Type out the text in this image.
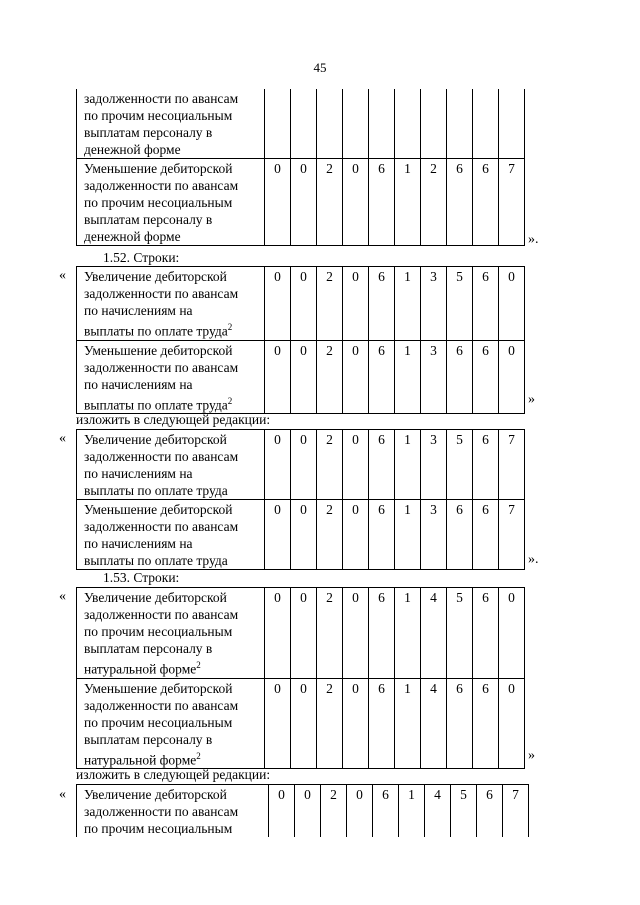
45
задолженности по авансам
по прочим несоциальным
выплатам персоналу в
денежной форме										

Уменьшение дебиторской
задолженности по авансам
по прочим несоциальным
выплатам персоналу в
денежной форме	0	0	2	0	6	1	2	6	6	7
».
1.52. Строки:
« Увеличение дебиторской
задолженности по авансам
по начислениям на
выплаты по оплате труда$^2$	0	0	2	0	6	1	3	5	6	0

Уменьшение дебиторской
задолженности по авансам
по начислениям на
выплаты по оплате труда$^2$	0	0	2	0	6	1	3	6	6	0
»
изложить в следующей редакции:
« Увеличение дебиторской
задолженности по авансам
по начислениям на
выплаты по оплате труда	0	0	2	0	6	1	3	5	6	7

Уменьшение дебиторской
задолженности по авансам
по начислениям на
выплаты по оплате труда	0	0	2	0	6	1	3	6	6	7
».
1.53. Строки:
« Увеличение дебиторской
задолженности по авансам
по прочим несоциальным
выплатам персоналу в
натуральной форме$^2$	0	0	2	0	6	1	4	5	6	0

Уменьшение дебиторской
задолженности по авансам
по прочим несоциальным
выплатам персоналу в
натуральной форме$^2$	0	0	2	0	6	1	4	6	6	0
»
изложить в следующей редакции:
« Увеличение дебиторской
задолженности по авансам
по прочим несоциальным
	0	0	2	0	6	1	4	5	6	7
